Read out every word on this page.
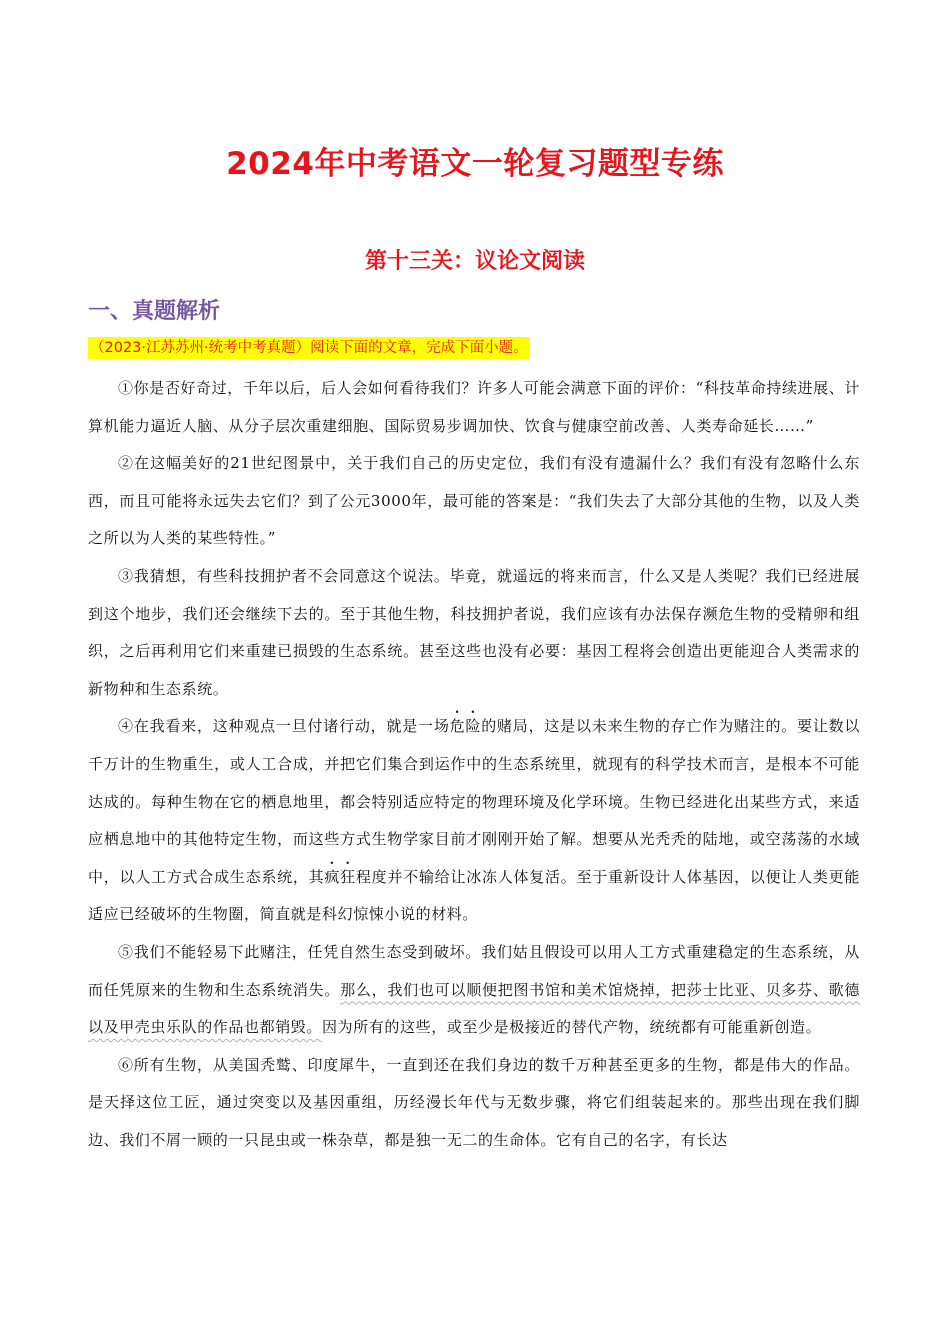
2024年中考语文一轮复习题型专练
第十三关：议论文阅读
一、真题解析
（2023·江苏苏州·统考中考真题）阅读下面的文章，完成下面小题。

①你是否好奇过，千年以后，后人会如何看待我们？许多人可能会满意下面的评价：“科技革命持续进展、计算机能力逼近人脑、从分子层次重建细胞、国际贸易步调加快、饮食与健康空前改善、人类寿命延长……”

②在这幅美好的21世纪图景中，关于我们自己的历史定位，我们有没有遗漏什么？我们有没有忽略什么东西，而且可能将永远失去它们？到了公元3000年，最可能的答案是：“我们失去了大部分其他的生物，以及人类之所以为人类的某些特性。”

③我猜想，有些科技拥护者不会同意这个说法。毕竟，就遥远的将来而言，什么又是人类呢？我们已经进展到这个地步，我们还会继续下去的。至于其他生物，科技拥护者说，我们应该有办法保存濒危生物的受精卵和组织，之后再利用它们来重建已损毁的生态系统。甚至这些也没有必要：基因工程将会创造出更能迎合人类需求的新物种和生态系统。

④在我看来，这种观点一旦付诸行动，就是一场危险的赌局，这是以未来生物的存亡作为赌注的。要让数以千万计的生物重生，或人工合成，并把它们集合到运作中的生态系统里，就现有的科学技术而言，是根本不可能达成的。每种生物在它的栖息地里，都会特别适应特定的物理环境及化学环境。生物已经进化出某些方式，来适应栖息地中的其他特定生物，而这些方式生物学家目前才刚刚开始了解。想要从光秃秃的陆地，或空荡荡的水域中，以人工方式合成生态系统，其疯狂程度并不输给让冰冻人体复活。至于重新设计人体基因，以便让人类更能适应已经破坏的生物圈，简直就是科幻惊悚小说的材料。

⑤我们不能轻易下此赌注，任凭自然生态受到破坏。我们姑且假设可以用人工方式重建稳定的生态系统，从而任凭原来的生物和生态系统消失。那么，我们也可以顺便把图书馆和美术馆烧掉，把莎士比亚、贝多芬、歌德以及甲壳虫乐队的作品也都销毁。因为所有的这些，或至少是极接近的替代产物，统统都有可能重新创造。

⑥所有生物，从美国秃鹫、印度犀牛，一直到还在我们身边的数千万种甚至更多的生物，都是伟大的作品。是天择这位工匠，通过突变以及基因重组，历经漫长年代与无数步骤，将它们组装起来的。那些出现在我们脚边、我们不屑一顾的一只昆虫或一株杂草，都是独一无二的生命体。它有自己的名字，有长达
